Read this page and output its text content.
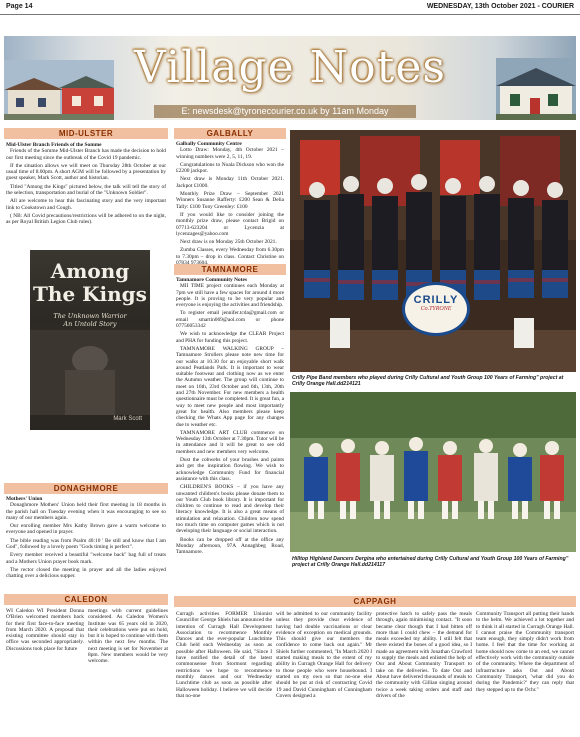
Page 14	WEDNESDAY, 13th October 2021 - COURIER
Village Notes
E: newsdesk@tyronecourier.co.uk by 11am Monday
MID-ULSTER	GALBALLY
TAMNAMORE
DONAGHMORE
CALEDON	CAPPAGH
Mid-Ulster Branch Friends of the Somme

Friends of the Somme Mid-Ulster Branch has made the decision to hold our first meeting since the outbreak of the Covid 19 pandemic.

If the situation allows we will meet on Thursday 28th October at our usual time of 8.00pm. A short AGM will be followed by a presentation by guest speaker, Mark Scott, author and historian.

Titled "Among the Kings" pictured below, the talk will tell the story of the selection, transportation and burial of the "Unknown Soldier".

All are welcome to hear this fascinating story and the very important link to Cookstown and Cough.

( NB: All Covid precautions/restrictions will be adhered to on the night, as per Royal British Legion Club rules).

Among
The Kings
The Unknown Warrior
An Untold Story
Mark Scott
Mothers' Union

Donaghmore Mothers' Union held their first meeting in 18 months in the parish hall on Tuesday evening when it was encouraging to see so many of our members again.

Our enrolling member Mrs Kathy Brown gave a warm welcome to everyone and opened in prayer.

The bible reading was from Psalm 40:10 ' Be still and know that I am God", followed by a lovely poem "Gods timing is perfect".

Every member received a beautiful "welcome back" bag full of treats and a Mothers Union prayer book mark.

The rector closed the meeting in prayer and all the ladies enjoyed chatting over a delicious supper.

WI Caledon WI President Donna O'Brien welcomed members back for their first face-to-face meeting from March 2020. A proposal that existing committee should stay in office was seconded appropriately. Discussions took place for future
meetings with current guidelines considered. As Caledon Women's Institute was 65 years old in 2020, their celebrations were put on hold, but it is hoped to continue with them within the next few months. The next meeting is set for November at 8pm. New members would be very welcome.
Galbally Community Centre

Lotto Draw: Monday, 4th October 2021 – winning numbers were 2, 5, 11, 19.

Congratulations to Noala Dickson who won the £2200 jackpot.

Next draw is Monday 11th October 2021. Jackpot £1000.

Monthly Prize Draw – September 2021 Winners Susanne Rafferty: £200 Sean & Delia Tally: £100 Tony Greenley: £100

If you would like to consider joining the monthly prize draw, please contact Brigid on 07713-623204 or Lycenzia at lycenzages@yahoo.com

Next draw is on Monday 25th October 2021.

Zumba Classes, every Wednesday from 6.30pm to 7.30pm – drop in class. Contact Christine on 07834 973604.

Tamnamore Community Notes

MII TIME project continues each Monday at 7pm we still have a few spaces for around 4 more people. It is proving to be very popular and everyone is enjoying the activities and friendship.

To register email jennifer.tcda@gmail.com or email smartin069@aol.com or phone 07756053342

We wish to acknowledge the CLEAR Project and PHA for funding this project.

TAMNAMORE WALKING GROUP – Tamnamore Strollers please note new time for our walks at 10.30 for an enjoyable short walk around Peatlands Park. It is important to wear suitable footwear and clothing now as we enter the Autumn weather. The group will continue to meet on 16th, 23rd October and 6th, 13th, 20th and 27th November. For new members a health questionnaire must be completed. It is great fun, a way to meet new people and most importantly great for health. Also members please keep checking the Whats App page for any changes due to weather etc.

TAMNAMORE ART CLUB commence on Wednesday 13th October at 7.30pm. Tutor will be in attendance and it will be great to see old members and new members very welcome.

Dust the cobwebs of your brushes and paints and get the inspiration flowing. We wish to acknowledge Community Fund for financial assistance with this class.

CHILDREN'S BOOKS – if you have any unwanted children's books please donate them to our Youth Club book library. It is important for children to continue to read and develop their literacy knowledge. It is also a great means of stimulation and relaxation. Children now spend too much time on computer games which is not developing their language or social interaction.

Books can be dropped off at the office any Monday afternoon, 97A Annaghbeg Road, Tamnamore.

CRILLY
Co.TYRONE
Crilly Pipe Band members who played during Crilly Cultural and Youth Group 100 Years of Farming" project at Crilly Orange Hall.dd214121
Hilltop Highland Dancers Dergina who entertained during Crilly Cultural and Youth Group 100 Years of Farming" project at Crilly Orange Hall.dd214117
Curragh activities FORMER Unionist Councillor George Shiels has announced the intention of Curragh Hall Development Association to recommence Monthly Dances and the ever-popular Lunchtime Club held each Wednesday as soon as possible after Halloween. He said, "Since I have notified the detail of the latest commonsense from Stormont regarding restrictions we hope to recommence monthly dances and our Wednesday Lunchtime club as soon as possible after Halloween holiday. I believe we will decide that no-one
will be admitted to our community facility unless they provide clear evidence of having had double vaccinations or clear evidence of exception on medical grounds. This should give our members the confidence to come back out again." Mr Shiels further commented, "In March 2020 I started making meals to the extent of my ability in Curragh Orange Hall for delivery to those people who were housebound. I started on my own so that no-one else should be put at risk of contracting Covid 19 and David Cunningham of Cunningham Covers designed a
protective hatch to safely pass the meals through, again minimising contact. "It soon became clear though that I had bitten off more than I could chew – the demand for meals exceeded my ability. I still felt that there existed the bones of a good idea, so I made an agreement with Jonathan Crawford to supply the meals and enlisted the help of Our and About Community Transport to take on the deliveries. To date Out and About have delivered thousands of meals to the community with Gillian singing around twice a week taking orders and staff and drivers of the
Community Transport all putting their hands to the helm. We achieved a lot together and to think it all started in Curragh Orange Hall. I cannot praise the Community transport team enough, they simply didn't work from home. I feel that the time for working at home should now come to an end, we cannot effectively work with the community outside of the community. Where the department of infrastructure asks Out and About Community Transport, 'what did you do during the Pandemic?' they can reply that they stepped up to the Ochr."
